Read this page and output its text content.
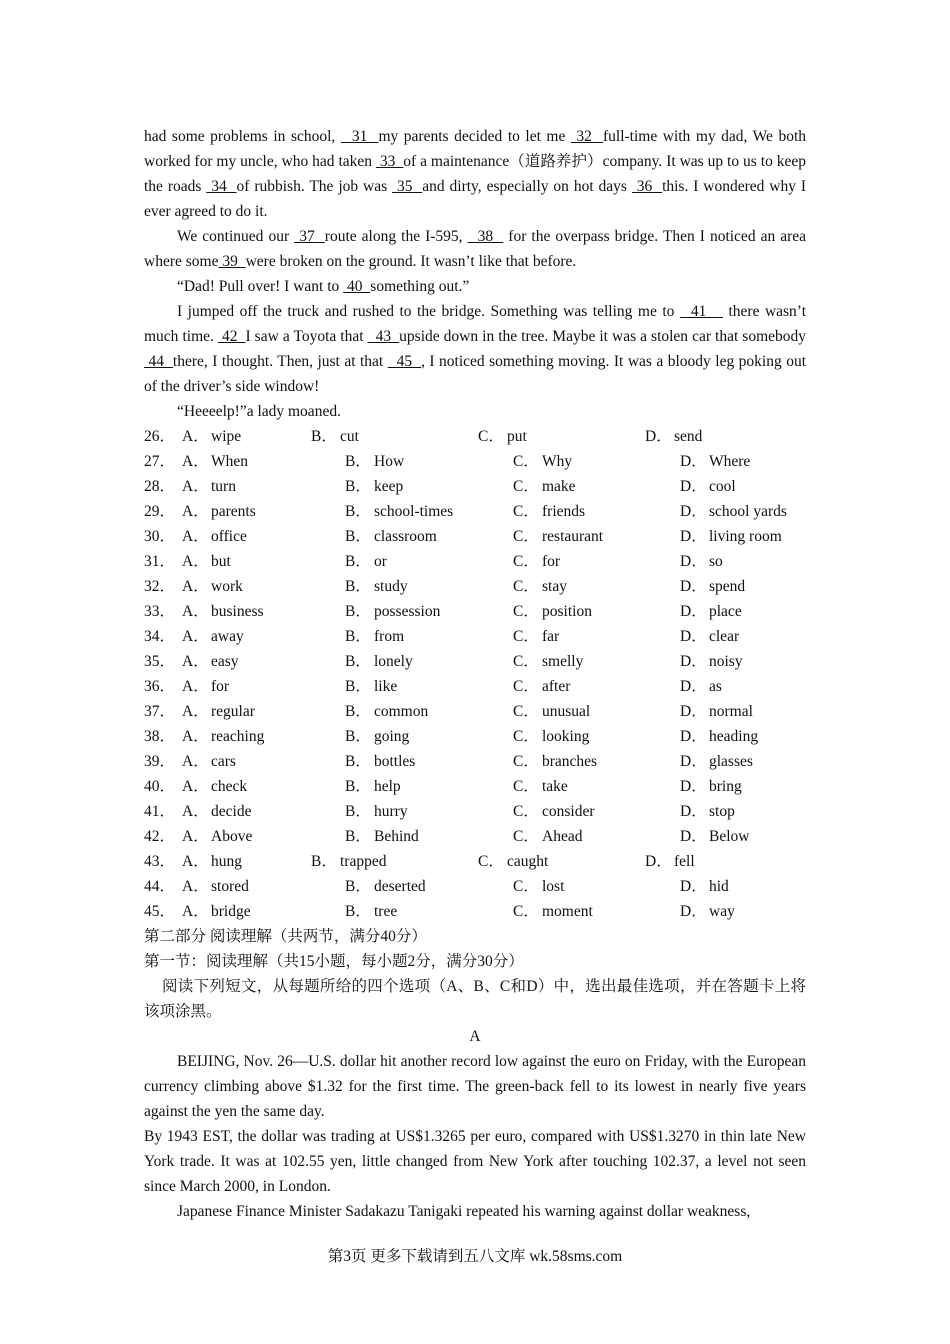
had some problems in school,   31  my parents decided to let me  32  full-time with my dad, We both worked for my uncle, who had taken  33  of a maintenance（道路养护）company. It was up to us to keep the roads  34  of rubbish. The job was  35  and dirty, especially on hot days  36  this. I wondered why I ever agreed to do it.

We continued our  37  route along the I-595,   38   for the overpass bridge. Then I noticed an area where some 39  were broken on the ground. It wasn’t like that before.

“Dad! Pull over! I want to  40  something out.”

I jumped off the truck and rushed to the bridge. Something was telling me to   41    there wasn’t much time.  42  I saw a Toyota that   43  upside down in the tree. Maybe it was a stolen car that somebody  44  there, I thought. Then, just at that   45  , I noticed something moving. It was a bloody leg poking out of the driver’s side window!

“Heeeelp!”a lady moaned.

26． A． wipe	B． cut	C． put	D． send
27． A． When	B． How	C． Why	D． Where
28． A． turn	B． keep	C． make	D． cool
29． A． parents	B． school-times	C． friends	D． school yards
30． A． office	B． classroom	C． restaurant	D． living room
31． A． but	B． or	C． for	D． so
32． A． work	B． study	C． stay	D． spend
33． A． business	B． possession	C． position	D． place
34． A． away	B． from	C． far	D． clear
35． A． easy	B． lonely	C． smelly	D． noisy
36． A． for	B． like	C． after	D． as
37． A． regular	B． common	C． unusual	D． normal
38． A． reaching	B． going	C． looking	D． heading
39． A． cars	B． bottles	C． branches	D． glasses
40． A． check	B． help	C． take	D． bring
41． A． decide	B． hurry	C． consider	D． stop
42． A． Above	B． Behind	C． Ahead	D． Below
43． A． hung	B． trapped	C． caught	D． fell
44． A． stored	B． deserted	C． lost	D． hid
45． A． bridge	B． tree	C． moment	D． way

第二部分 阅读理解（共两节，满分40分）

第一节：阅读理解（共15小题，每小题2分，满分30分）

阅读下列短文，从每题所给的四个选项（A、B、C和D）中，选出最佳选项，并在答题卡上将该项涂黑。

A

BEIJING, Nov. 26—U.S. dollar hit another record low against the euro on Friday, with the European currency climbing above $1.32 for the first time. The green-back fell to its lowest in nearly five years against the yen the same day.

By 1943 EST, the dollar was trading at US$1.3265 per euro, compared with US$1.3270 in thin late New York trade. It was at 102.55 yen, little changed from New York after touching 102.37, a level not seen since March 2000, in London.

Japanese Finance Minister Sadakazu Tanigaki repeated his warning against dollar weakness,

第3页 更多下载请到五八文库 wk.58sms.com
